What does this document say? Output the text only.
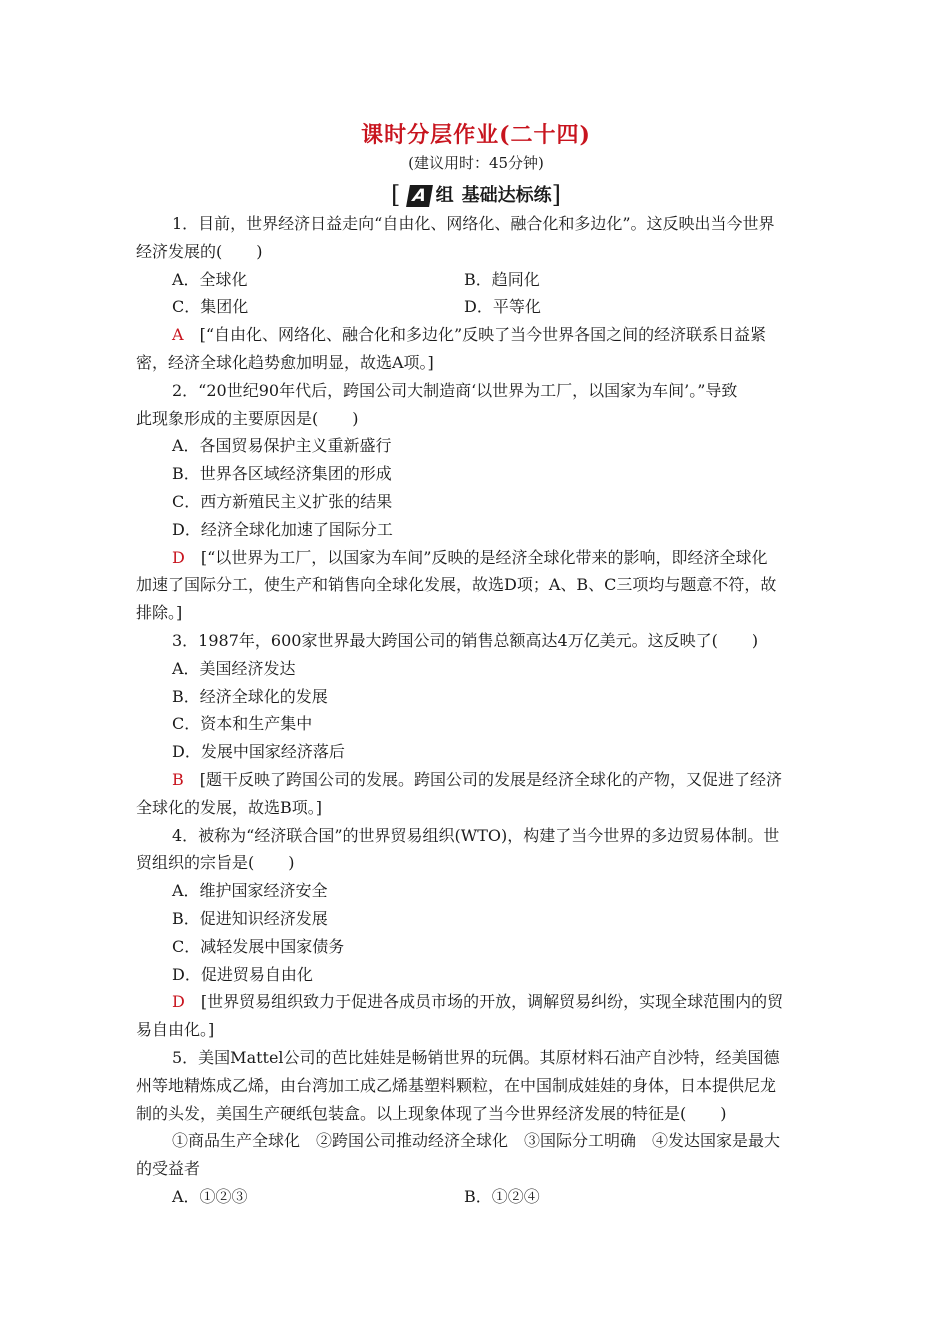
课时分层作业(二十四)
(建议用时：45分钟)
[ A 组 基础达标练]

1．目前，世界经济日益走向“自由化、网络化、融合化和多边化”。这反映出当今世界

经济发展的( )

A．全球化	B．趋同化
C．集团化	D．平等化

A　 [“自由化、网络化、融合化和多边化”反映了当今世界各国之间的经济联系日益紧

密，经济全球化趋势愈加明显，故选A项。]

2．“20世纪90年代后，跨国公司大制造商‘以世界为工厂，以国家为车间’。”导致

此现象形成的主要原因是( )

A．各国贸易保护主义重新盛行

B．世界各区域经济集团的形成

C．西方新殖民主义扩张的结果

D．经济全球化加速了国际分工

D　 [“以世界为工厂，以国家为车间”反映的是经济全球化带来的影响，即经济全球化

加速了国际分工，使生产和销售向全球化发展，故选D项；A、B、C三项均与题意不符，故

排除。]

3．1987年，600家世界最大跨国公司的销售总额高达4万亿美元。这反映了( )

A．美国经济发达

B．经济全球化的发展

C．资本和生产集中

D．发展中国家经济落后

B　 [题干反映了跨国公司的发展。跨国公司的发展是经济全球化的产物，又促进了经济

全球化的发展，故选B项。]

4．被称为“经济联合国”的世界贸易组织(WTO)，构建了当今世界的多边贸易体制。世

贸组织的宗旨是( )

A．维护国家经济安全

B．促进知识经济发展

C．减轻发展中国家债务

D．促进贸易自由化

D　 [世界贸易组织致力于促进各成员市场的开放，调解贸易纠纷，实现全球范围内的贸

易自由化。]

5．美国Mattel公司的芭比娃娃是畅销世界的玩偶。其原材料石油产自沙特，经美国德

州等地精炼成乙烯，由台湾加工成乙烯基塑料颗粒，在中国制成娃娃的身体，日本提供尼龙

制的头发，美国生产硬纸包装盒。以上现象体现了当今世界经济发展的特征是( )

①商品生产全球化　②跨国公司推动经济全球化　③国际分工明确　④发达国家是最大

的受益者

A．①②③	B．①②④
